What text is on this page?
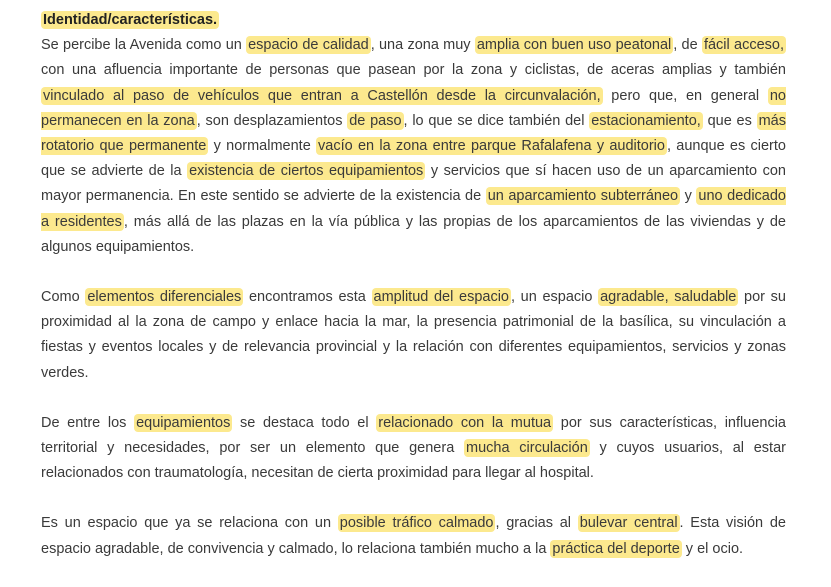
Identidad/características.

Se percibe la Avenida como un espacio de calidad , una zona muy amplia con buen uso peatonal , de fácil acceso, con una afluencia importante de personas que pasean por la zona y ciclistas, de aceras amplias y también vinculado al paso de vehículos que entran a Castellón desde la circunvalación, pero que, en general no permanecen en la zona , son desplazamientos de paso , lo que se dice también del estacionamiento, que es más rotatorio que permanente y normalmente vacío en la zona entre parque Rafalafena y auditorio , aunque es cierto que se advierte de la existencia de ciertos equipamientos y servicios que sí hacen uso de un aparcamiento con mayor permanencia. En este sentido se advierte de la existencia de un aparcamiento subterráneo y uno dedicado a residentes , más allá de las plazas en la vía pública y las propias de los aparcamientos de las viviendas y de algunos equipamientos.

Como elementos diferenciales encontramos esta amplitud del espacio , un espacio agradable, saludable por su proximidad al la zona de campo y enlace hacia la mar, la presencia patrimonial de la basílica, su vinculación a fiestas y eventos locales y de relevancia provincial y la relación con diferentes equipamientos, servicios y zonas verdes.

De entre los equipamientos se destaca todo el relacionado con la mutua por sus características, influencia territorial y necesidades, por ser un elemento que genera mucha circulación y cuyos usuarios, al estar relacionados con traumatología, necesitan de cierta proximidad para llegar al hospital.

Es un espacio que ya se relaciona con un posible tráfico calmado , gracias al bulevar central . Esta visión de espacio agradable, de convivencia y calmado, lo relaciona también mucho a la práctica del deporte y el ocio.
